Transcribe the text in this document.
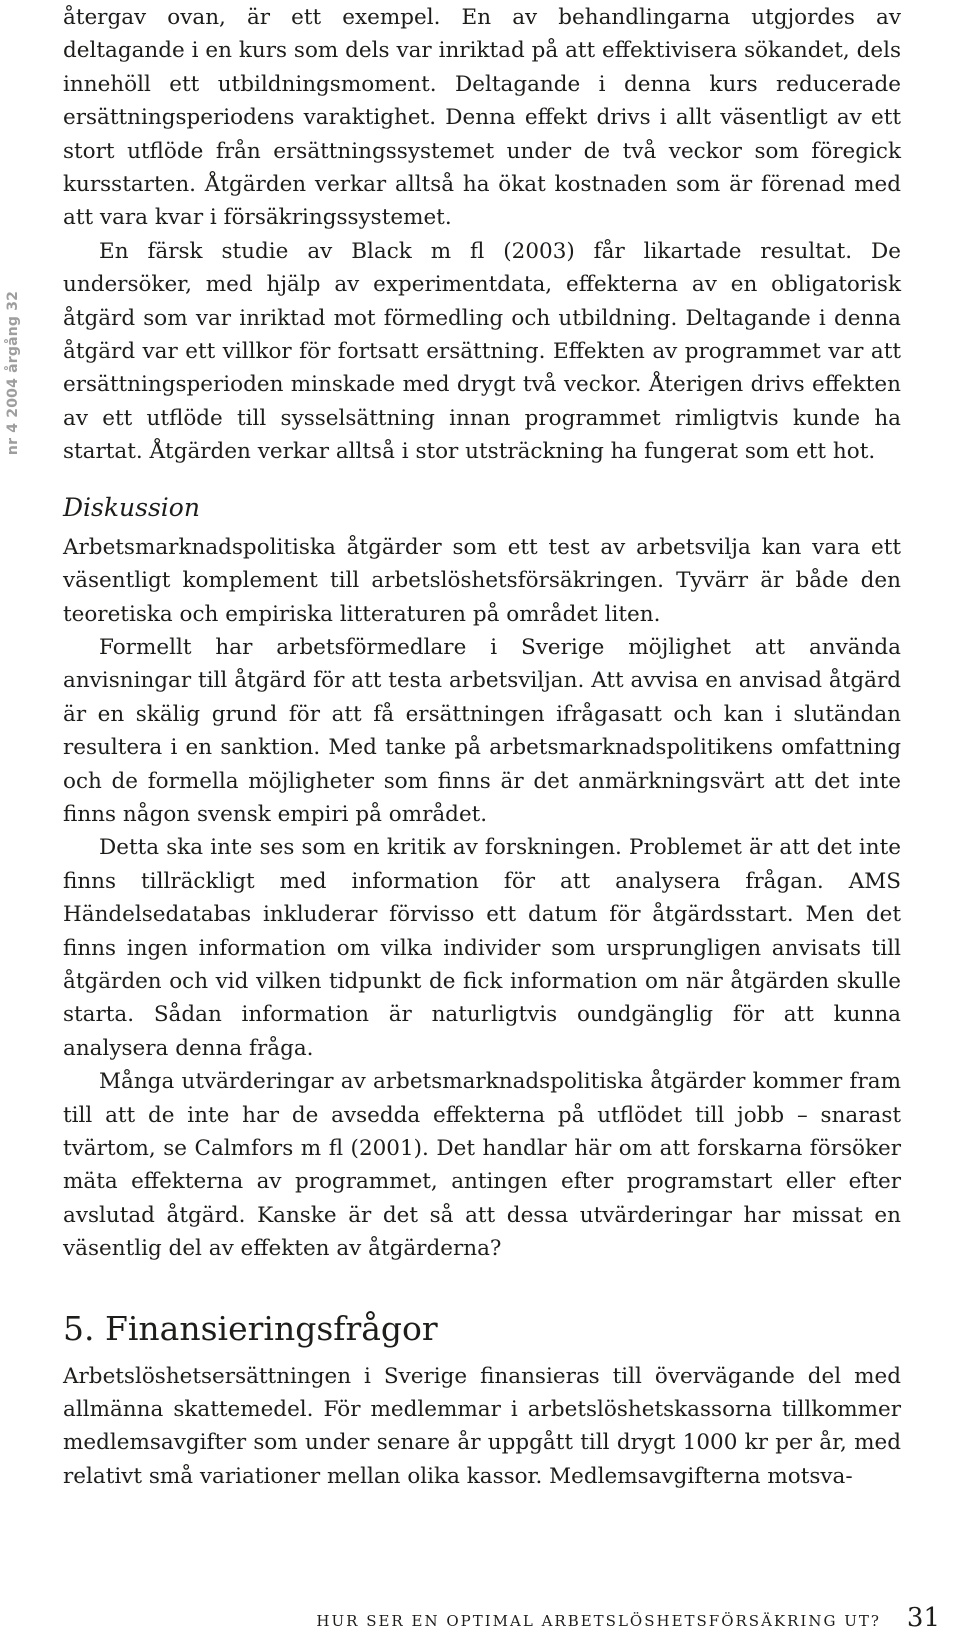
nr 4 2004 årgång 32

återgav ovan, är ett exempel. En av behandlingarna utgjordes av deltagande i en kurs som dels var inriktad på att effektivisera sökandet, dels innehöll ett utbildningsmoment. Deltagande i denna kurs reducerade ersättningsperiodens varaktighet. Denna effekt drivs i allt väsentligt av ett stort utflöde från ersättningssystemet under de två veckor som föregick kursstarten. Åtgärden verkar alltså ha ökat kostnaden som är förenad med att vara kvar i försäkringssystemet.

En färsk studie av Black m fl (2003) får likartade resultat. De undersöker, med hjälp av experimentdata, effekterna av en obligatorisk åtgärd som var inriktad mot förmedling och utbildning. Deltagande i denna åtgärd var ett villkor för fortsatt ersättning. Effekten av programmet var att ersättningsperioden minskade med drygt två veckor. Återigen drivs effekten av ett utflöde till sysselsättning innan programmet rimligtvis kunde ha startat. Åtgärden verkar alltså i stor utsträckning ha fungerat som ett hot.

Diskussion

Arbetsmarknadspolitiska åtgärder som ett test av arbetsvilja kan vara ett väsentligt komplement till arbetslöshetsförsäkringen. Tyvärr är både den teoretiska och empiriska litteraturen på området liten.

Formellt har arbetsförmedlare i Sverige möjlighet att använda anvisningar till åtgärd för att testa arbetsviljan. Att avvisa en anvisad åtgärd är en skälig grund för att få ersättningen ifrågasatt och kan i slutändan resultera i en sanktion. Med tanke på arbetsmarknadspolitikens omfattning och de formella möjligheter som finns är det anmärkningsvärt att det inte finns någon svensk empiri på området.

Detta ska inte ses som en kritik av forskningen. Problemet är att det inte finns tillräckligt med information för att analysera frågan. AMS Händelsedatabas inkluderar förvisso ett datum för åtgärdsstart. Men det finns ingen information om vilka individer som ursprungligen anvisats till åtgärden och vid vilken tidpunkt de fick information om när åtgärden skulle starta. Sådan information är naturligtvis oundgänglig för att kunna analysera denna fråga.

Många utvärderingar av arbetsmarknadspolitiska åtgärder kommer fram till att de inte har de avsedda effekterna på utflödet till jobb – snarast tvärtom, se Calmfors m fl (2001). Det handlar här om att forskarna försöker mäta effekterna av programmet, antingen efter programstart eller efter avslutad åtgärd. Kanske är det så att dessa utvärderingar har missat en väsentlig del av effekten av åtgärderna?

5. Finansieringsfrågor

Arbetslöshetsersättningen i Sverige finansieras till övervägande del med allmänna skattemedel. För medlemmar i arbetslöshetskassorna tillkommer medlemsavgifter som under senare år uppgått till drygt 1000 kr per år, med relativt små variationer mellan olika kassor. Medlemsavgifterna motsva-

HUR SER EN OPTIMAL ARBETSLÖSHETSFÖRSÄKRING UT? 31
